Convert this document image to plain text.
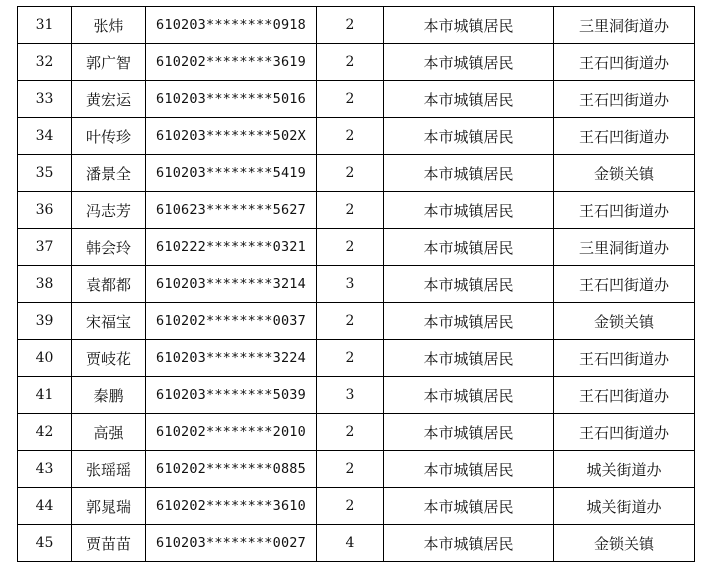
31	张炜	610203********0918	2	本市城镇居民	三里洞街道办
32	郭广智	610202********3619	2	本市城镇居民	王石凹街道办
33	黄宏运	610203********5016	2	本市城镇居民	王石凹街道办
34	叶传珍	610203********502X	2	本市城镇居民	王石凹街道办
35	潘景全	610203********5419	2	本市城镇居民	金锁关镇
36	冯志芳	610623********5627	2	本市城镇居民	王石凹街道办
37	韩会玲	610222********0321	2	本市城镇居民	三里洞街道办
38	袁都都	610203********3214	3	本市城镇居民	王石凹街道办
39	宋福宝	610202********0037	2	本市城镇居民	金锁关镇
40	贾岐花	610203********3224	2	本市城镇居民	王石凹街道办
41	秦鹏	610203********5039	3	本市城镇居民	王石凹街道办
42	高强	610202********2010	2	本市城镇居民	王石凹街道办
43	张瑶瑶	610202********0885	2	本市城镇居民	城关街道办
44	郭晁瑞	610202********3610	2	本市城镇居民	城关街道办
45	贾苗苗	610203********0027	4	本市城镇居民	金锁关镇
